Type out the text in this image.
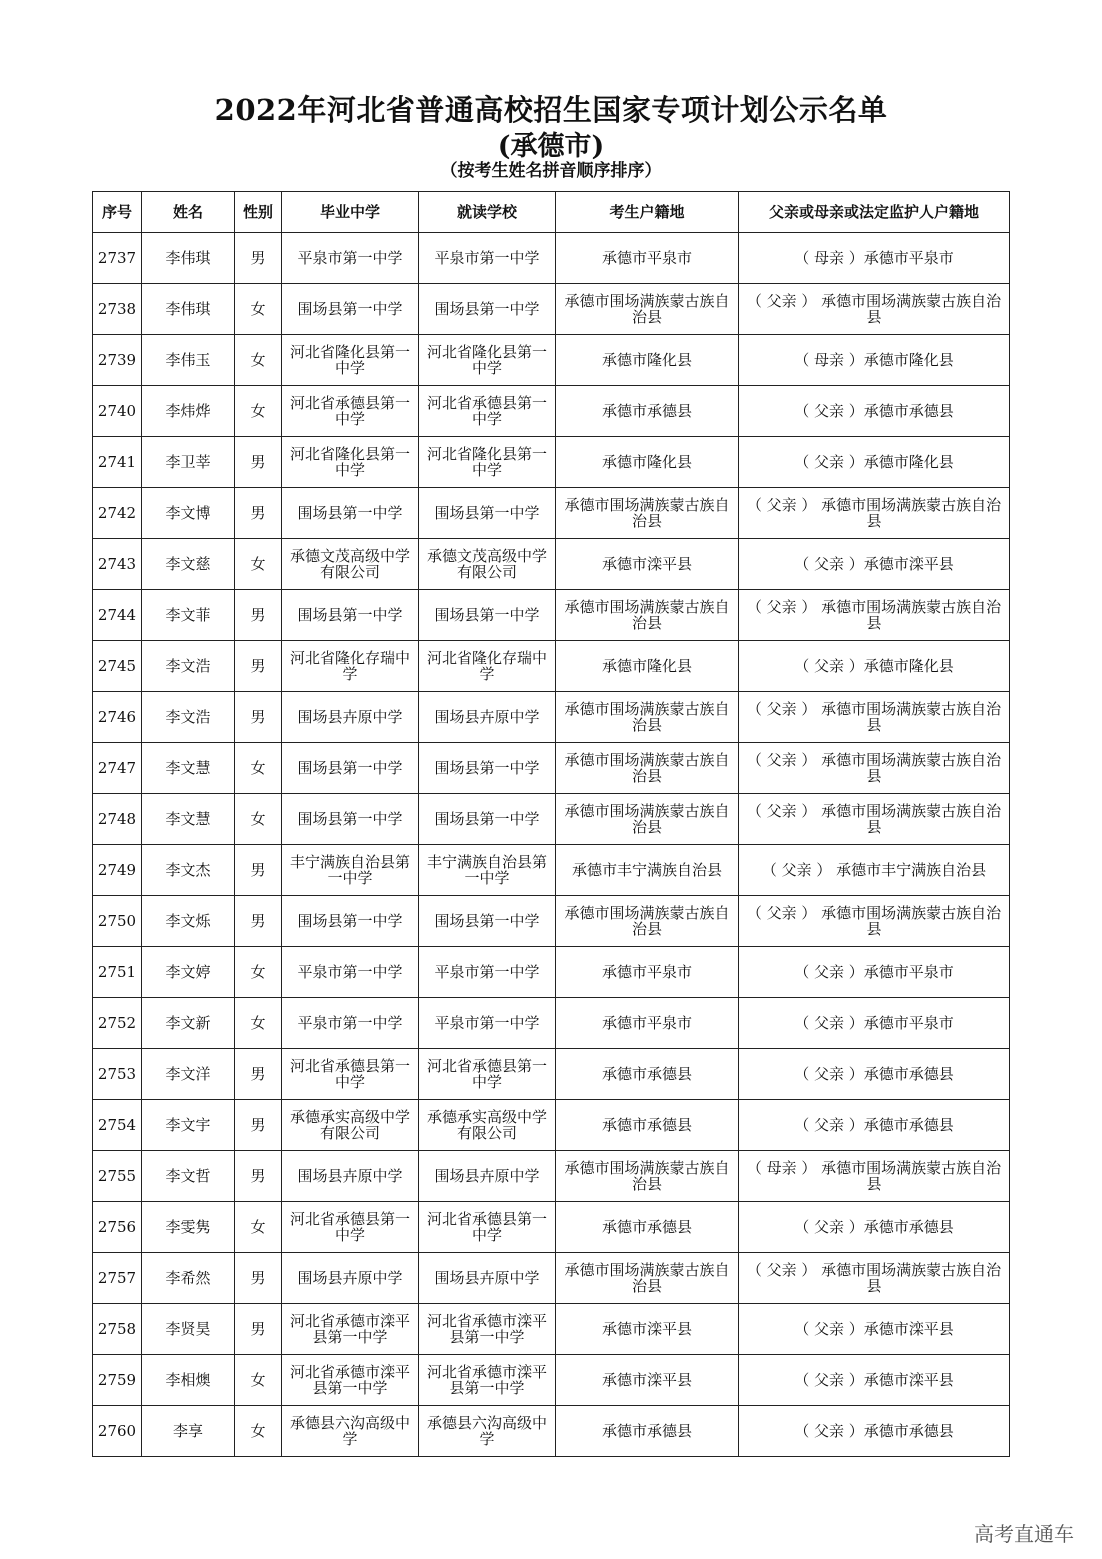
2022年河北省普通高校招生国家专项计划公示名单
(承德市)
（按考生姓名拼音顺序排序）
序号	姓名	性别	毕业中学	就读学校	考生户籍地	父亲或母亲或法定监护人户籍地
2737	李伟琪	男	平泉市第一中学	平泉市第一中学	承德市平泉市	（ 母亲 ）承德市平泉市
2738	李伟琪	女	围场县第一中学	围场县第一中学	承德市围场满族蒙古族自治县	（ 父亲 ） 承德市围场满族蒙古族自治县
2739	李伟玉	女	河北省隆化县第一中学	河北省隆化县第一中学	承德市隆化县	（ 母亲 ）承德市隆化县
2740	李炜烨	女	河北省承德县第一中学	河北省承德县第一中学	承德市承德县	（ 父亲 ）承德市承德县
2741	李卫莘	男	河北省隆化县第一中学	河北省隆化县第一中学	承德市隆化县	（ 父亲 ）承德市隆化县
2742	李文博	男	围场县第一中学	围场县第一中学	承德市围场满族蒙古族自治县	（ 父亲 ） 承德市围场满族蒙古族自治县
2743	李文慈	女	承德文茂高级中学有限公司	承德文茂高级中学有限公司	承德市滦平县	（ 父亲 ）承德市滦平县
2744	李文菲	男	围场县第一中学	围场县第一中学	承德市围场满族蒙古族自治县	（ 父亲 ） 承德市围场满族蒙古族自治县
2745	李文浩	男	河北省隆化存瑞中学	河北省隆化存瑞中学	承德市隆化县	（ 父亲 ）承德市隆化县
2746	李文浩	男	围场县卉原中学	围场县卉原中学	承德市围场满族蒙古族自治县	（ 父亲 ） 承德市围场满族蒙古族自治县
2747	李文慧	女	围场县第一中学	围场县第一中学	承德市围场满族蒙古族自治县	（ 父亲 ） 承德市围场满族蒙古族自治县
2748	李文慧	女	围场县第一中学	围场县第一中学	承德市围场满族蒙古族自治县	（ 父亲 ） 承德市围场满族蒙古族自治县
2749	李文杰	男	丰宁满族自治县第一中学	丰宁满族自治县第一中学	承德市丰宁满族自治县	（ 父亲 ） 承德市丰宁满族自治县
2750	李文烁	男	围场县第一中学	围场县第一中学	承德市围场满族蒙古族自治县	（ 父亲 ） 承德市围场满族蒙古族自治县
2751	李文婷	女	平泉市第一中学	平泉市第一中学	承德市平泉市	（ 父亲 ）承德市平泉市
2752	李文新	女	平泉市第一中学	平泉市第一中学	承德市平泉市	（ 父亲 ）承德市平泉市
2753	李文洋	男	河北省承德县第一中学	河北省承德县第一中学	承德市承德县	（ 父亲 ）承德市承德县
2754	李文宇	男	承德承实高级中学有限公司	承德承实高级中学有限公司	承德市承德县	（ 父亲 ）承德市承德县
2755	李文哲	男	围场县卉原中学	围场县卉原中学	承德市围场满族蒙古族自治县	（ 母亲 ） 承德市围场满族蒙古族自治县
2756	李雯隽	女	河北省承德县第一中学	河北省承德县第一中学	承德市承德县	（ 父亲 ）承德市承德县
2757	李希然	男	围场县卉原中学	围场县卉原中学	承德市围场满族蒙古族自治县	（ 父亲 ） 承德市围场满族蒙古族自治县
2758	李贤昊	男	河北省承德市滦平县第一中学	河北省承德市滦平县第一中学	承德市滦平县	（ 父亲 ）承德市滦平县
2759	李相燠	女	河北省承德市滦平县第一中学	河北省承德市滦平县第一中学	承德市滦平县	（ 父亲 ）承德市滦平县
2760	李享	女	承德县六沟高级中学	承德县六沟高级中学	承德市承德县	（ 父亲 ）承德市承德县
高考直通车
